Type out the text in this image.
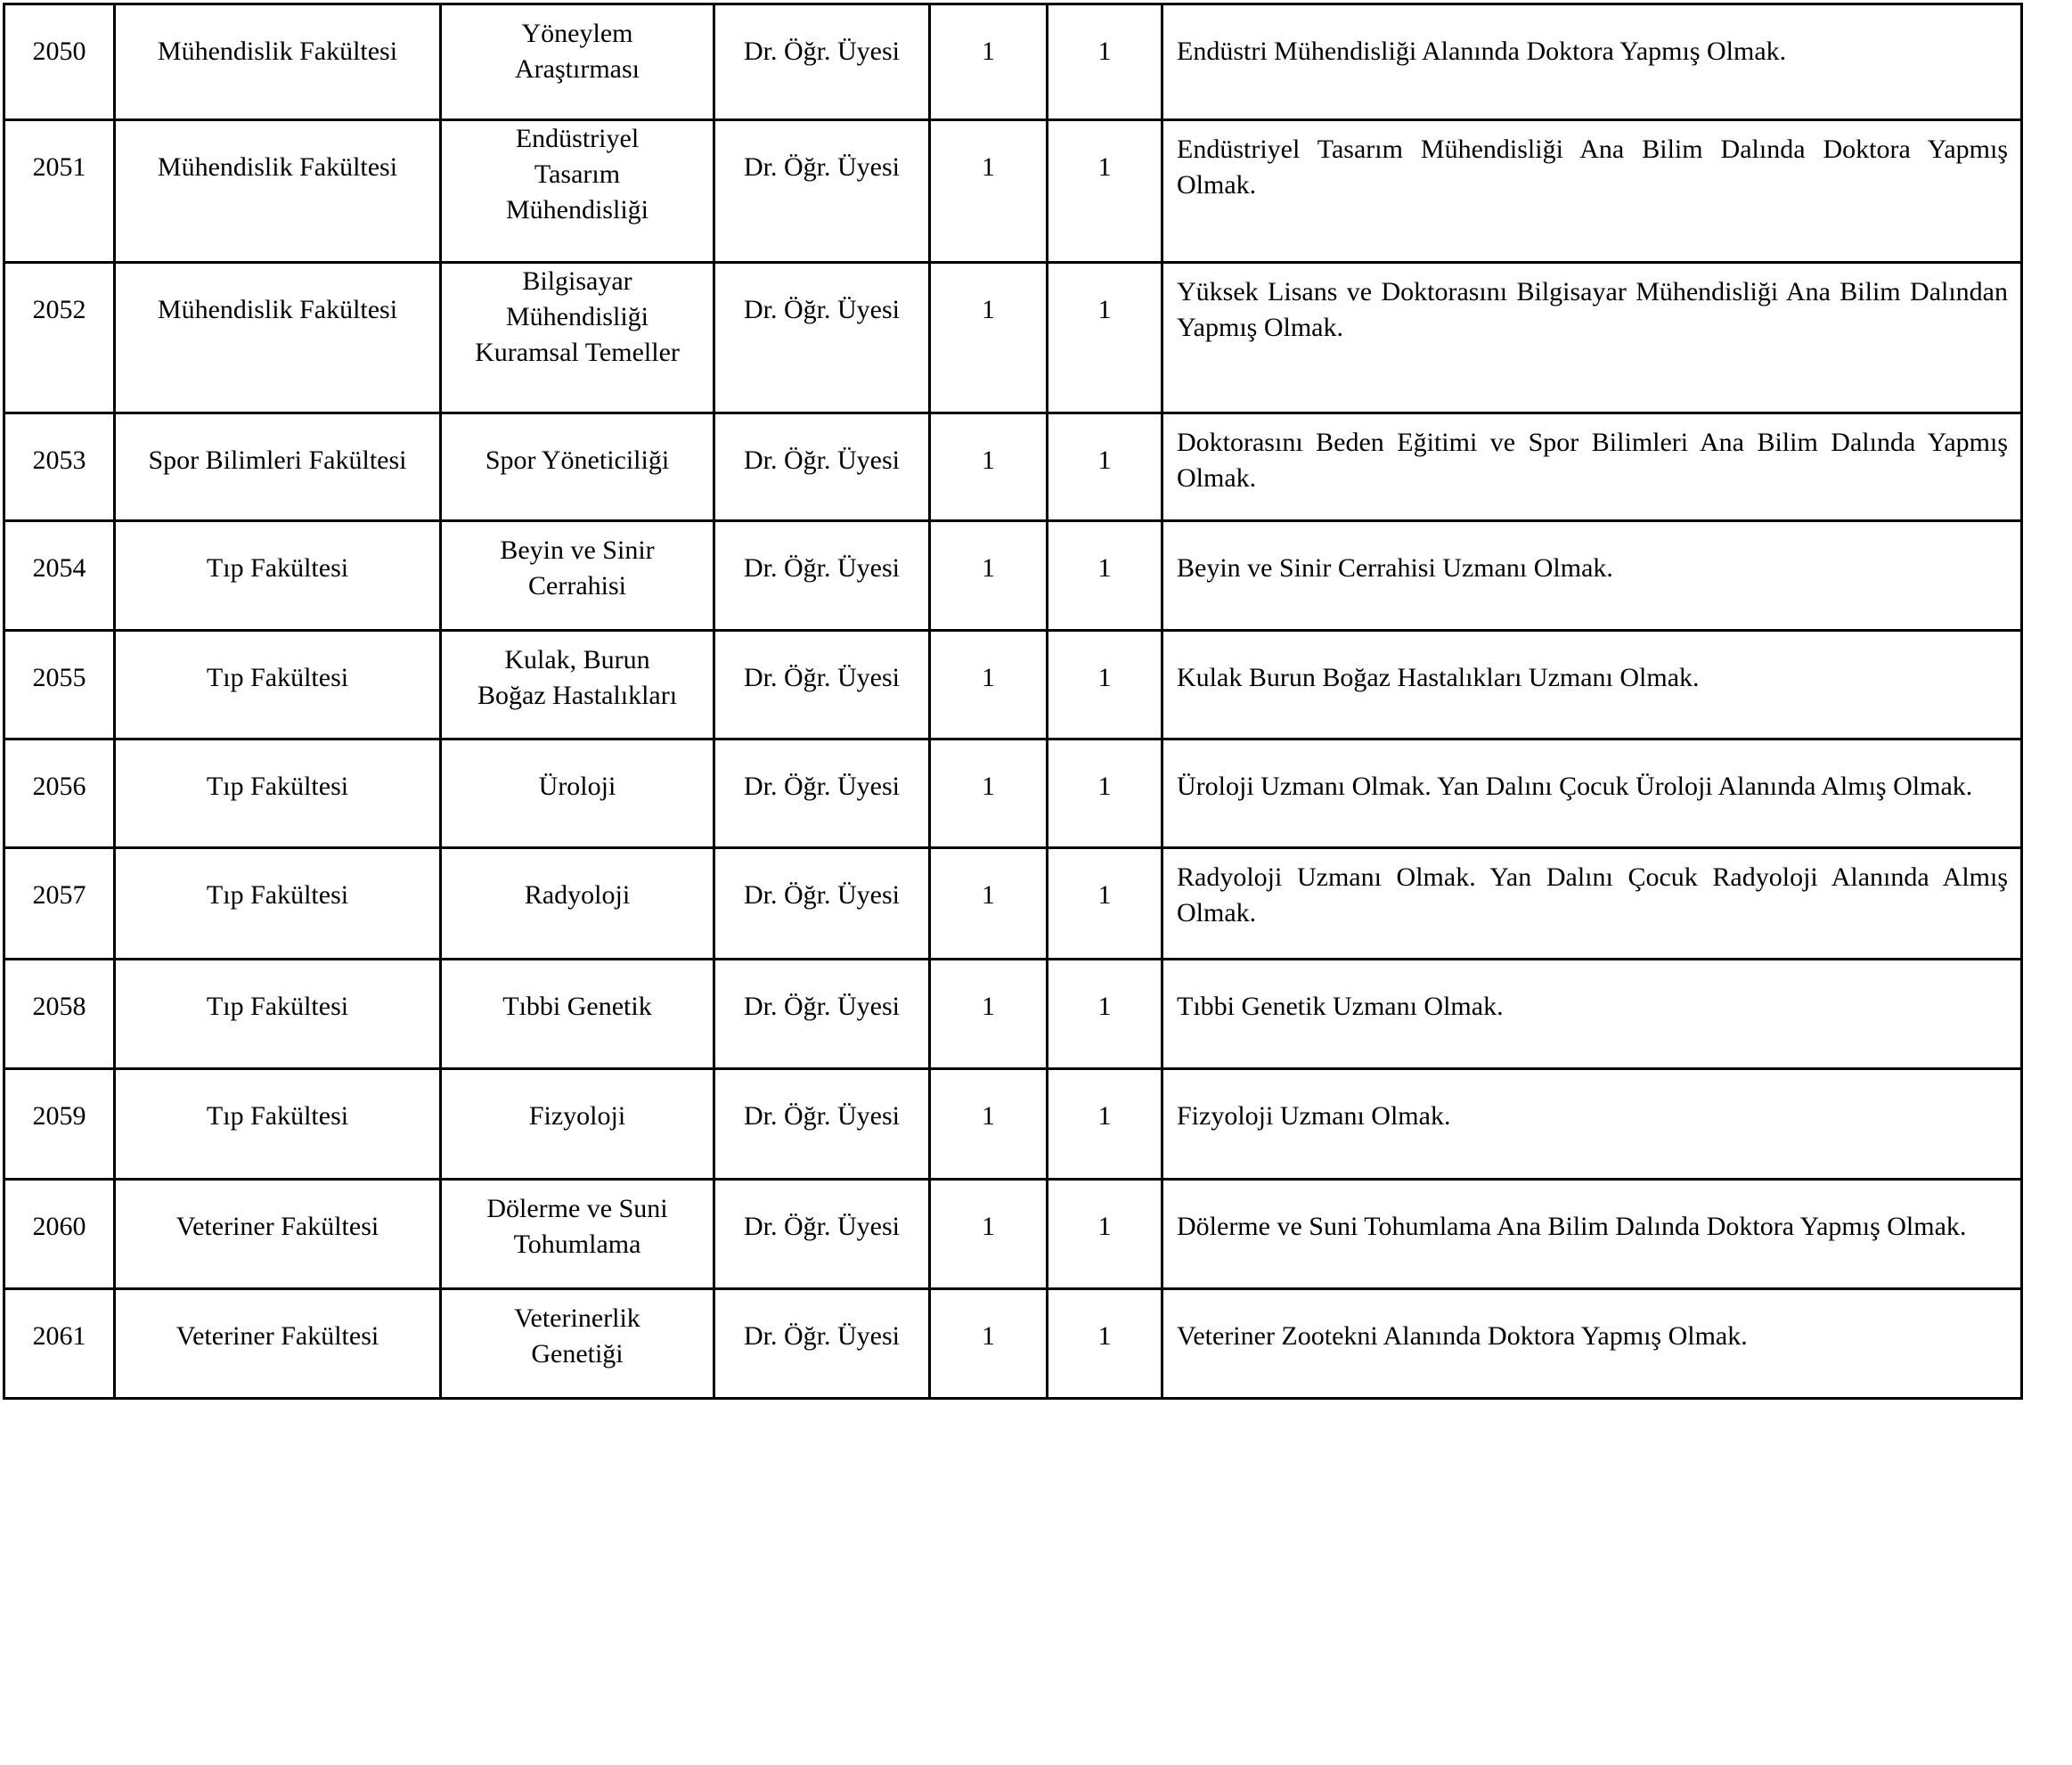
2050	Mühendislik Fakültesi	Yöneylem Araştırması	Dr. Öğr. Üyesi	1	1	Endüstri Mühendisliği Alanında Doktora Yapmış Olmak.

2051	Mühendislik Fakültesi	Endüstriyel Tasarım Mühendisliği	Dr. Öğr. Üyesi	1	1	Endüstriyel Tasarım Mühendisliği Ana Bilim Dalında Doktora Yapmış Olmak.

2052	Mühendislik Fakültesi	Bilgisayar Mühendisliği Kuramsal Temeller	Dr. Öğr. Üyesi	1	1	Yüksek Lisans ve Doktorasını Bilgisayar Mühendisliği Ana Bilim Dalından Yapmış Olmak.

2053	Spor Bilimleri Fakültesi	Spor Yöneticiliği	Dr. Öğr. Üyesi	1	1	Doktorasını Beden Eğitimi ve Spor Bilimleri Ana Bilim Dalında Yapmış Olmak.

2054	Tıp Fakültesi	Beyin ve Sinir Cerrahisi	Dr. Öğr. Üyesi	1	1	Beyin ve Sinir Cerrahisi Uzmanı Olmak.

2055	Tıp Fakültesi	Kulak, Burun Boğaz Hastalıkları	Dr. Öğr. Üyesi	1	1	Kulak Burun Boğaz Hastalıkları Uzmanı Olmak.

2056	Tıp Fakültesi	Üroloji	Dr. Öğr. Üyesi	1	1	Üroloji Uzmanı Olmak. Yan Dalını Çocuk Üroloji Alanında Almış Olmak.

2057	Tıp Fakültesi	Radyoloji	Dr. Öğr. Üyesi	1	1	Radyoloji Uzmanı Olmak. Yan Dalını Çocuk Radyoloji Alanında Almış Olmak.

2058	Tıp Fakültesi	Tıbbi Genetik	Dr. Öğr. Üyesi	1	1	Tıbbi Genetik Uzmanı Olmak.

2059	Tıp Fakültesi	Fizyoloji	Dr. Öğr. Üyesi	1	1	Fizyoloji Uzmanı Olmak.

2060	Veteriner Fakültesi	Dölerme ve Suni Tohumlama	Dr. Öğr. Üyesi	1	1	Dölerme ve Suni Tohumlama Ana Bilim Dalında Doktora Yapmış Olmak.

2061	Veteriner Fakültesi	Veterinerlik Genetiği	Dr. Öğr. Üyesi	1	1	Veteriner Zootekni Alanında Doktora Yapmış Olmak.
